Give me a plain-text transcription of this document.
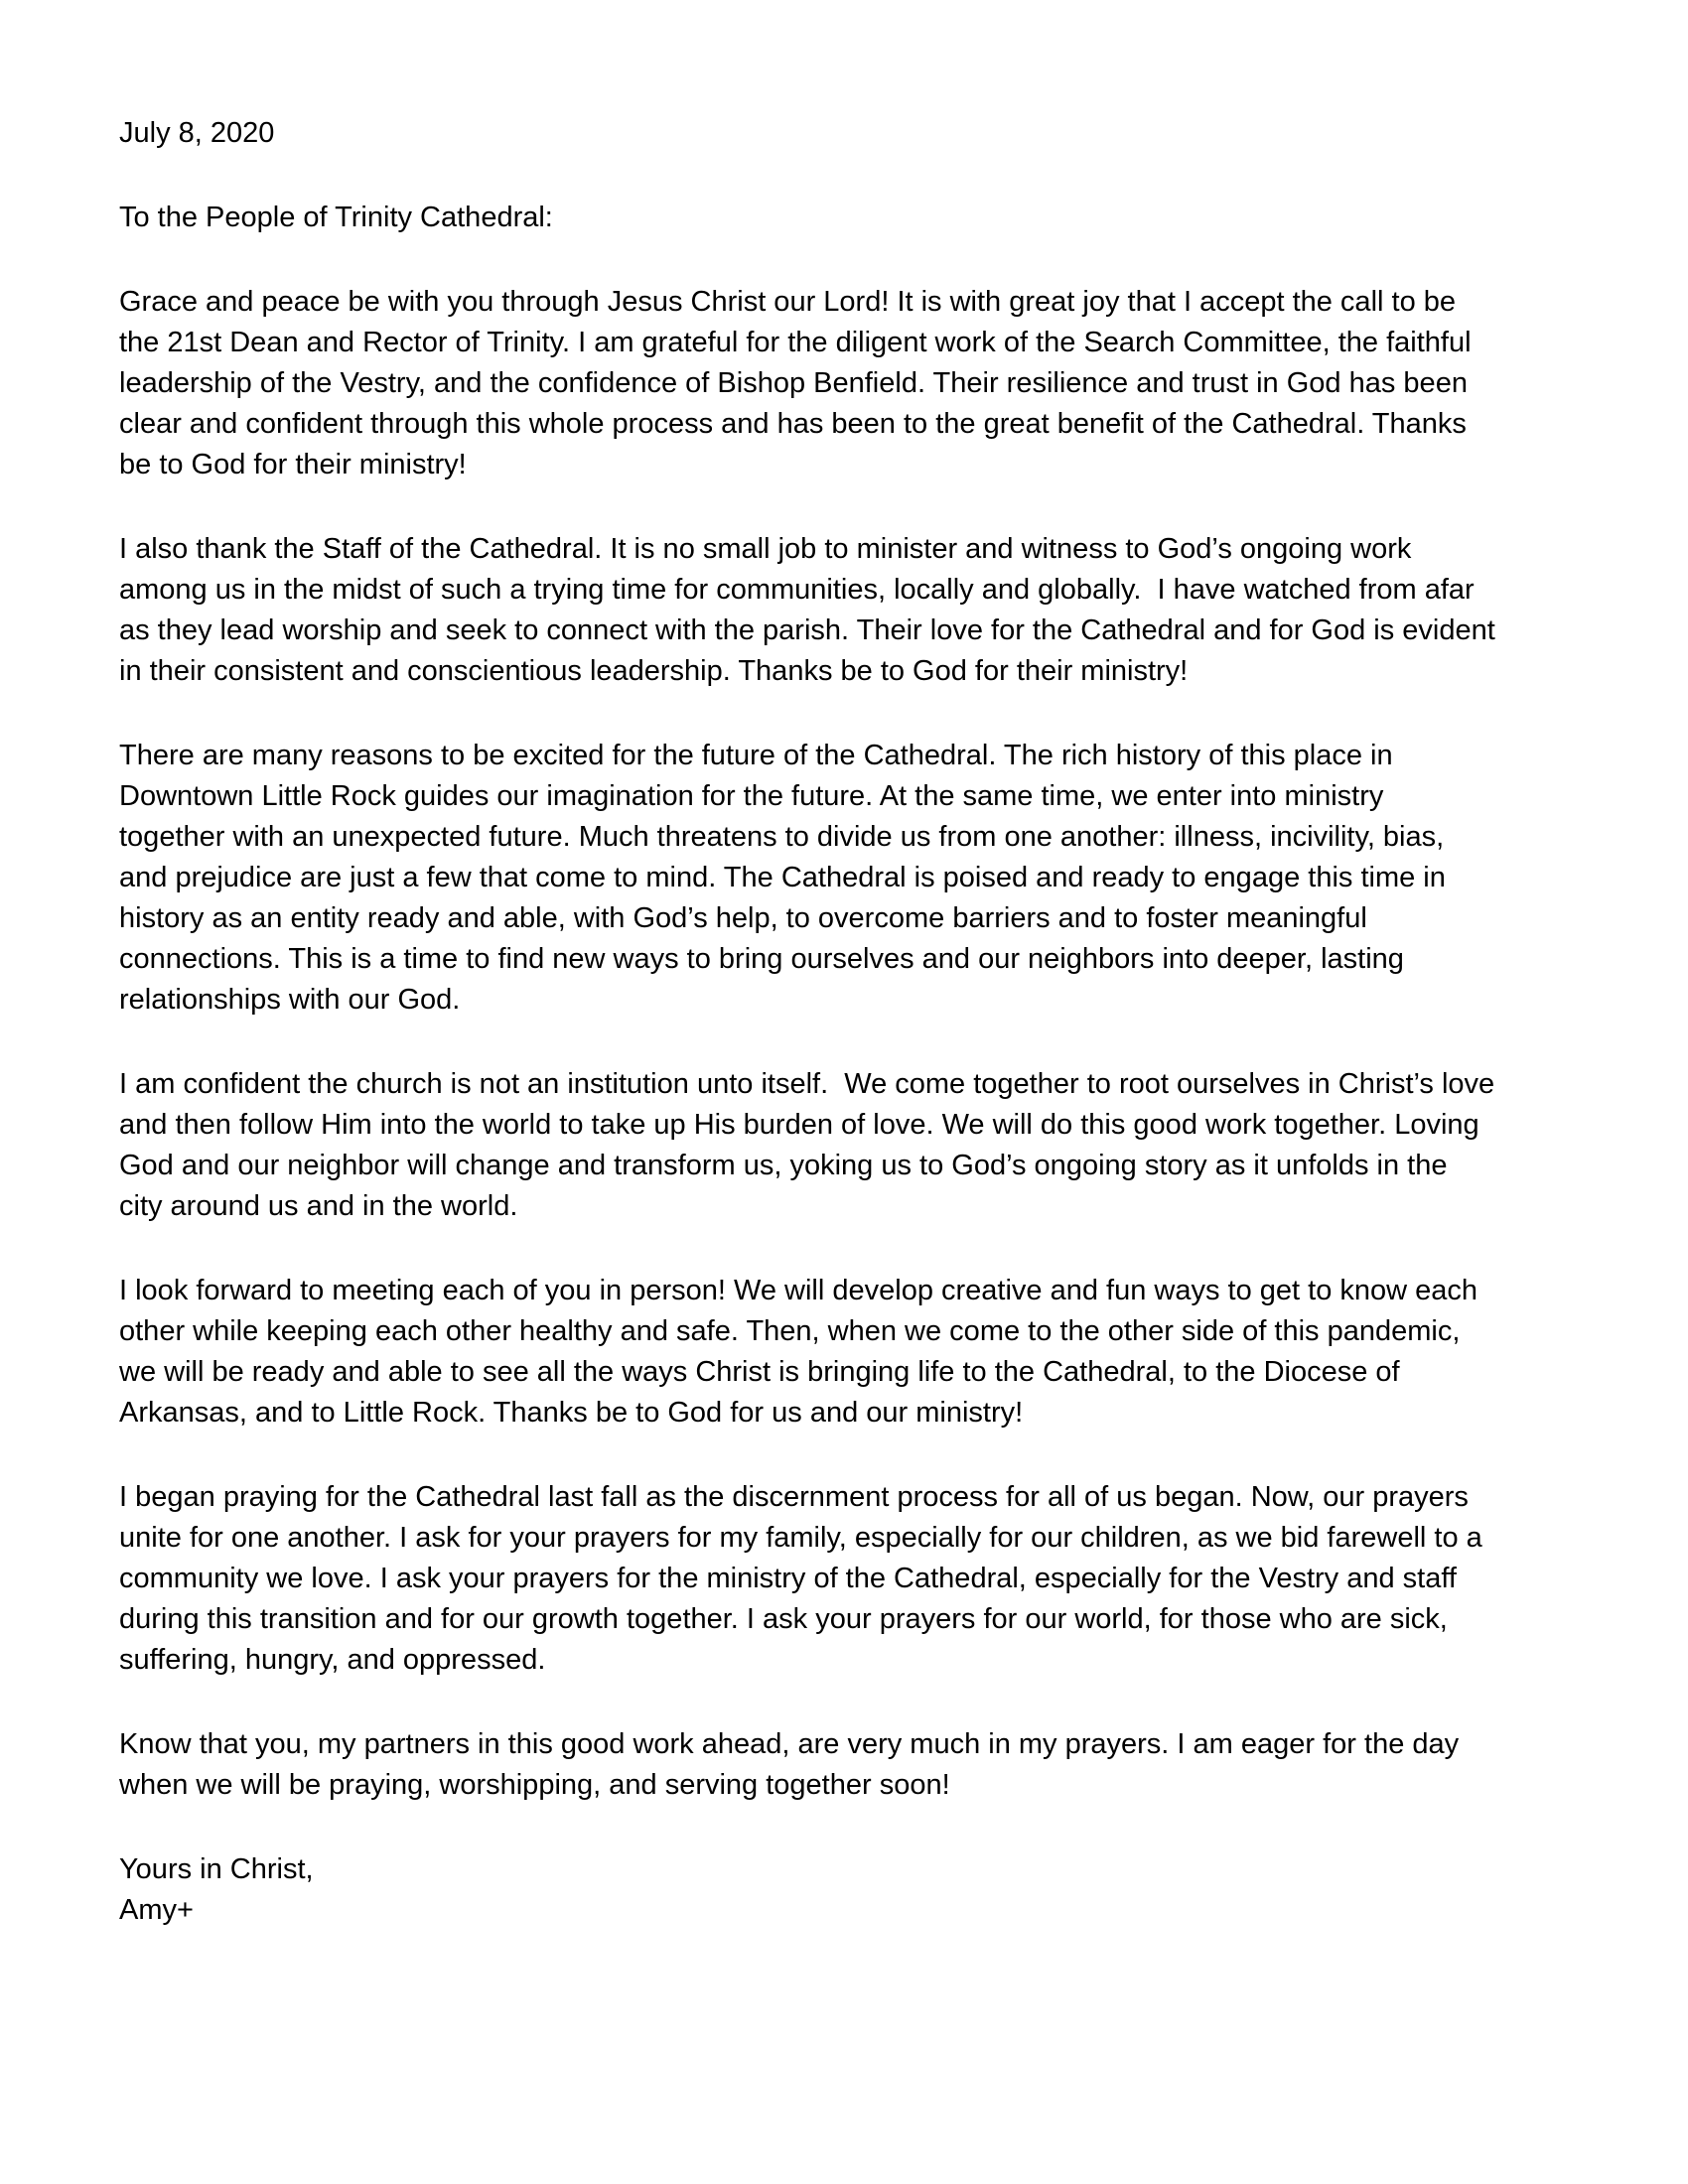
July 8, 2020
To the People of Trinity Cathedral:
Grace and peace be with you through Jesus Christ our Lord! It is with great joy that I accept the call to be
the 21st Dean and Rector of Trinity. I am grateful for the diligent work of the Search Committee, the faithful
leadership of the Vestry, and the confidence of Bishop Benfield. Their resilience and trust in God has been
clear and confident through this whole process and has been to the great benefit of the Cathedral. Thanks
be to God for their ministry!
I also thank the Staff of the Cathedral. It is no small job to minister and witness to God’s ongoing work
among us in the midst of such a trying time for communities, locally and globally.  I have watched from afar
as they lead worship and seek to connect with the parish. Their love for the Cathedral and for God is evident
in their consistent and conscientious leadership. Thanks be to God for their ministry!
There are many reasons to be excited for the future of the Cathedral. The rich history of this place in
Downtown Little Rock guides our imagination for the future. At the same time, we enter into ministry
together with an unexpected future. Much threatens to divide us from one another: illness, incivility, bias,
and prejudice are just a few that come to mind. The Cathedral is poised and ready to engage this time in
history as an entity ready and able, with God’s help, to overcome barriers and to foster meaningful
connections. This is a time to find new ways to bring ourselves and our neighbors into deeper, lasting
relationships with our God.
I am confident the church is not an institution unto itself.  We come together to root ourselves in Christ’s love
and then follow Him into the world to take up His burden of love. We will do this good work together. Loving
God and our neighbor will change and transform us, yoking us to God’s ongoing story as it unfolds in the
city around us and in the world.
I look forward to meeting each of you in person! We will develop creative and fun ways to get to know each
other while keeping each other healthy and safe. Then, when we come to the other side of this pandemic,
we will be ready and able to see all the ways Christ is bringing life to the Cathedral, to the Diocese of
Arkansas, and to Little Rock. Thanks be to God for us and our ministry!
I began praying for the Cathedral last fall as the discernment process for all of us began. Now, our prayers
unite for one another. I ask for your prayers for my family, especially for our children, as we bid farewell to a
community we love. I ask your prayers for the ministry of the Cathedral, especially for the Vestry and staff
during this transition and for our growth together. I ask your prayers for our world, for those who are sick,
suffering, hungry, and oppressed.
Know that you, my partners in this good work ahead, are very much in my prayers. I am eager for the day
when we will be praying, worshipping, and serving together soon!
Yours in Christ,
Amy+
